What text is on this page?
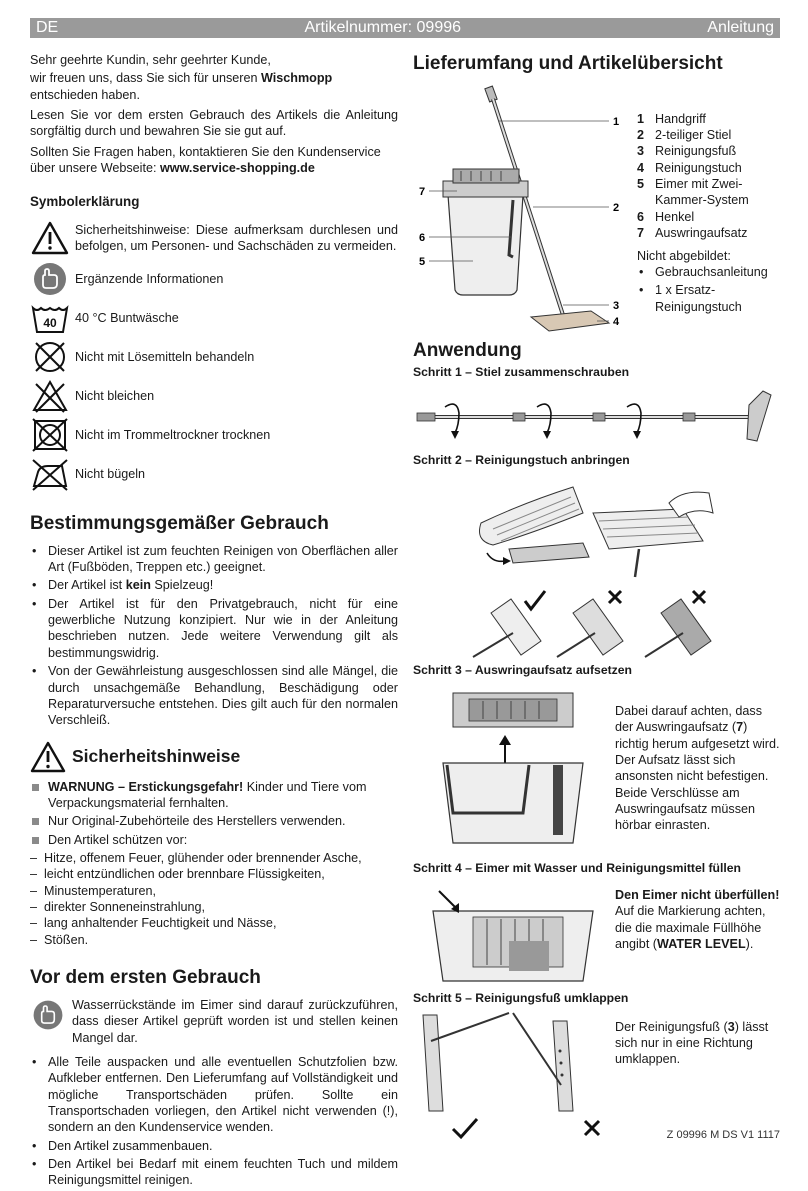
DE	Artikelnummer: 09996	Anleitung

Sehr geehrte Kundin, sehr geehrter Kunde,

wir freuen uns, dass Sie sich für unseren Wischmopp entschieden haben.

Lesen Sie vor dem ersten Gebrauch des Artikels die Anleitung sorgfältig durch und bewahren Sie sie gut auf.

Sollten Sie Fragen haben, kontaktieren Sie den Kundenservice über unsere Webseite: www.service-shopping.de

Symbolerklärung
Sicherheitshinweise: Diese aufmerksam durchlesen und befolgen, um Personen- und Sachschäden zu vermeiden.
Ergänzende Informationen
40 40 °C Buntwäsche
Nicht mit Lösemitteln behandeln
Nicht bleichen
Nicht im Trommeltrockner trocknen
Nicht bügeln
Bestimmungsgemäßer Gebrauch
• Dieser Artikel ist zum feuchten Reinigen von Oberflächen aller Art (Fußböden, Treppen etc.) geeignet.
• Der Artikel ist kein Spielzeug!
• Der Artikel ist für den Privatgebrauch, nicht für eine gewerbliche Nutzung konzipiert. Nur wie in der Anleitung beschrieben nutzen. Jede weitere Verwendung gilt als bestimmungswidrig.
• Von der Gewährleistung ausgeschlossen sind alle Mängel, die durch unsachgemäße Behandlung, Beschädigung oder Reparaturversuche entstehen. Dies gilt auch für den normalen Verschleiß.
Sicherheitshinweise
WARNUNG – Erstickungsgefahr! Kinder und Tiere vom Verpackungsmaterial fernhalten.
Nur Original-Zubehörteile des Herstellers verwenden.
Den Artikel schützen vor:
– Hitze, offenem Feuer, glühender oder brennender Asche,
– leicht entzündlichen oder brennbare Flüssigkeiten,
– Minustemperaturen,
– direkter Sonneneinstrahlung,
– lang anhaltender Feuchtigkeit und Nässe,
– Stößen.
Vor dem ersten Gebrauch
Wasserrückstände im Eimer sind darauf zurückzuführen, dass dieser Artikel geprüft worden ist und stellen keinen Mangel dar.
• Alle Teile auspacken und alle eventuellen Schutzfolien bzw. Aufkleber entfernen. Den Lieferumfang auf Vollständigkeit und mögliche Transportschäden prüfen. Sollte ein Transportschaden vorliegen, den Artikel nicht verwenden (!), sondern an den Kundenservice wenden.
• Den Artikel zusammenbauen.
• Den Artikel bei Bedarf mit einem feuchten Tuch und mildem Reinigungsmittel reinigen.
Lieferumfang und Artikelübersicht
1
2
3
4
5
6
7
1 Handgriff
2 2-teiliger Stiel
3 Reinigungsfuß
4 Reinigungstuch
5 Eimer mit Zwei-Kammer-System
6 Henkel
7 Auswringaufsatz
Nicht abgebildet:
• Gebrauchsanleitung
• 1 x Ersatz-Reinigungstuch
Anwendung
Schritt 1 – Stiel zusammenschrauben
Schritt 2 – Reinigungstuch anbringen
Schritt 3 – Auswringaufsatz aufsetzen

Dabei darauf achten, dass der Auswringaufsatz (7) richtig herum aufgesetzt wird. Der Aufsatz lässt sich ansonsten nicht befestigen.

Beide Verschlüsse am Auswringaufsatz müssen hörbar einrasten.

Schritt 4 – Eimer mit Wasser und Reinigungsmittel füllen
Den Eimer nicht überfüllen!
Auf die Markierung achten, die die maximale Füllhöhe angibt (WATER LEVEL).
Schritt 5 – Reinigungsfuß umklappen
Der Reinigungsfuß (3) lässt sich nur in eine Richtung umklappen.
Z 09996 M DS V1 1117
